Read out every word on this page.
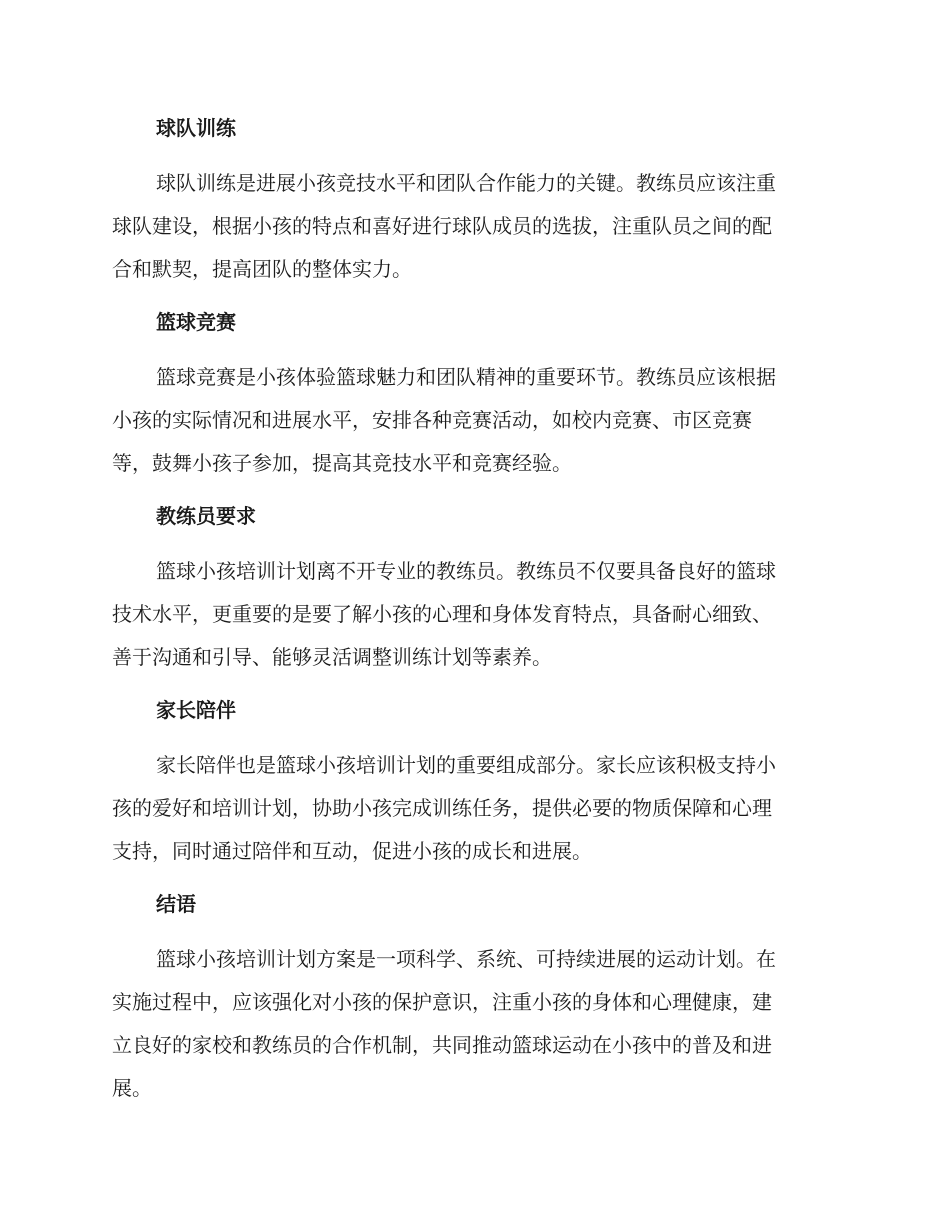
球队训练
球队训练是进展小孩竞技水平和团队合作能力的关键。教练员应该注重
球队建设，根据小孩的特点和喜好进行球队成员的选拔，注重队员之间的配
合和默契，提高团队的整体实力。
篮球竞赛
篮球竞赛是小孩体验篮球魅力和团队精神的重要环节。教练员应该根据
小孩的实际情况和进展水平，安排各种竞赛活动，如校内竞赛、市区竞赛
等，鼓舞小孩子参加，提高其竞技水平和竞赛经验。
教练员要求
篮球小孩培训计划离不开专业的教练员。教练员不仅要具备良好的篮球
技术水平，更重要的是要了解小孩的心理和身体发育特点，具备耐心细致、
善于沟通和引导、能够灵活调整训练计划等素养。
家长陪伴
家长陪伴也是篮球小孩培训计划的重要组成部分。家长应该积极支持小
孩的爱好和培训计划，协助小孩完成训练任务，提供必要的物质保障和心理
支持，同时通过陪伴和互动，促进小孩的成长和进展。
结语
篮球小孩培训计划方案是一项科学、系统、可持续进展的运动计划。在
实施过程中，应该强化对小孩的保护意识，注重小孩的身体和心理健康，建
立良好的家校和教练员的合作机制，共同推动篮球运动在小孩中的普及和进
展。
